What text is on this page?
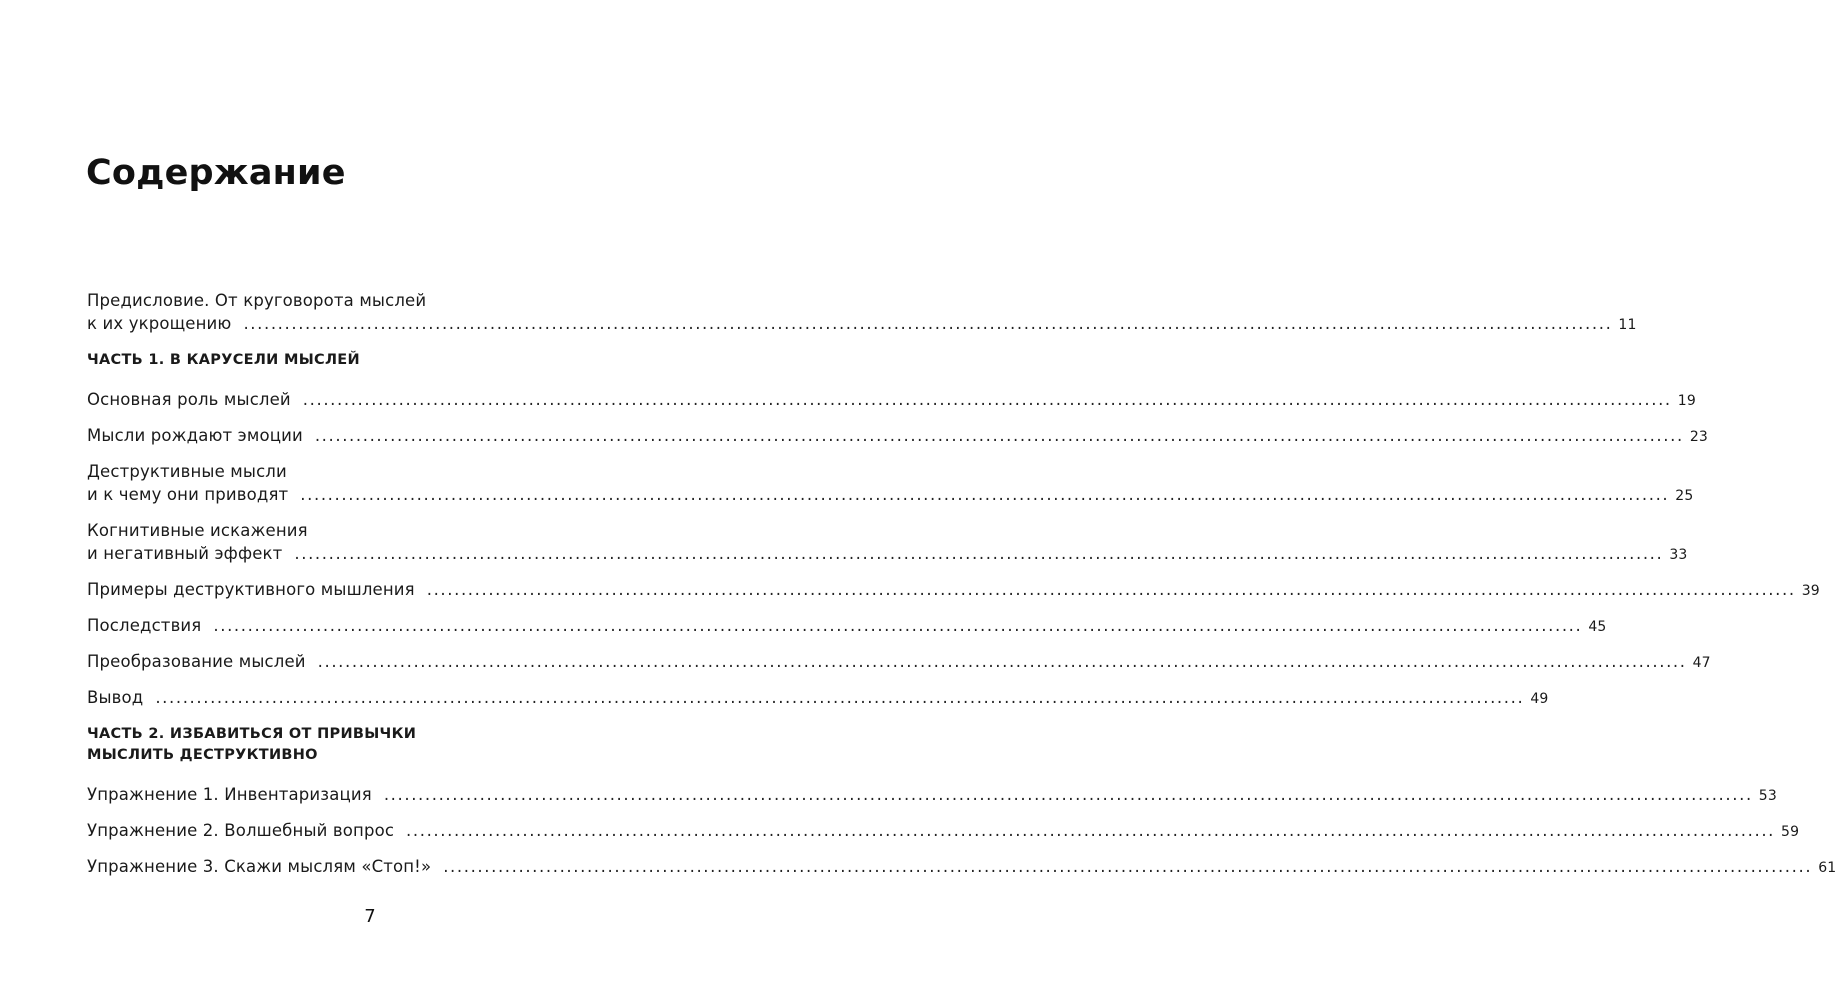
Содержание
Предисловие. От круговорота мыслей
к их укрощению ........................................................................................................................................................................................................ 11
ЧАСТЬ 1. В КАРУСЕЛИ МЫСЛЕЙ
Основная роль мыслей ........................................................................................................................................................................................................ 19
Мысли рождают эмоции ........................................................................................................................................................................................................ 23
Деструктивные мысли
и к чему они приводят ........................................................................................................................................................................................................ 25
Когнитивные искажения
и негативный эффект ........................................................................................................................................................................................................ 33
Примеры деструктивного мышления ........................................................................................................................................................................................................ 39
Последствия ........................................................................................................................................................................................................ 45
Преобразование мыслей ........................................................................................................................................................................................................ 47
Вывод ........................................................................................................................................................................................................ 49
ЧАСТЬ 2. ИЗБАВИТЬСЯ ОТ ПРИВЫЧКИ
МЫСЛИТЬ ДЕСТРУКТИВНО
Упражнение 1. Инвентаризация ........................................................................................................................................................................................................ 53
Упражнение 2. Волшебный вопрос ........................................................................................................................................................................................................ 59
Упражнение 3. Скажи мыслям «Стоп!» ........................................................................................................................................................................................................ 61
7
